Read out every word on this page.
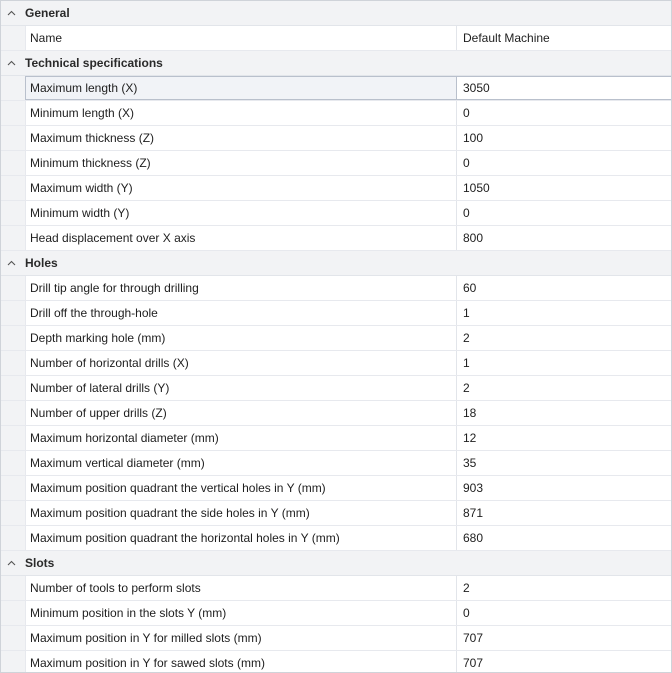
General
Name	Default Machine
Technical specifications
Maximum length (X)	3050
Minimum length (X)	0
Maximum thickness (Z)	100
Minimum thickness (Z)	0
Maximum width (Y)	1050
Minimum width (Y)	0
Head displacement over X axis	800
Holes
Drill tip angle for through drilling	60
Drill off the through-hole	1
Depth marking hole (mm)	2
Number of horizontal drills (X)	1
Number of lateral drills (Y)	2
Number of upper drills (Z)	18
Maximum horizontal diameter (mm)	12
Maximum vertical diameter (mm)	35
Maximum position quadrant the vertical holes in Y (mm)	903
Maximum position quadrant the side holes in Y (mm)	871
Maximum position quadrant the horizontal holes in Y (mm)	680
Slots
Number of tools to perform slots	2
Minimum position in the slots Y (mm)	0
Maximum position in Y for milled slots (mm)	707
Maximum position in Y for sawed slots (mm)	707
